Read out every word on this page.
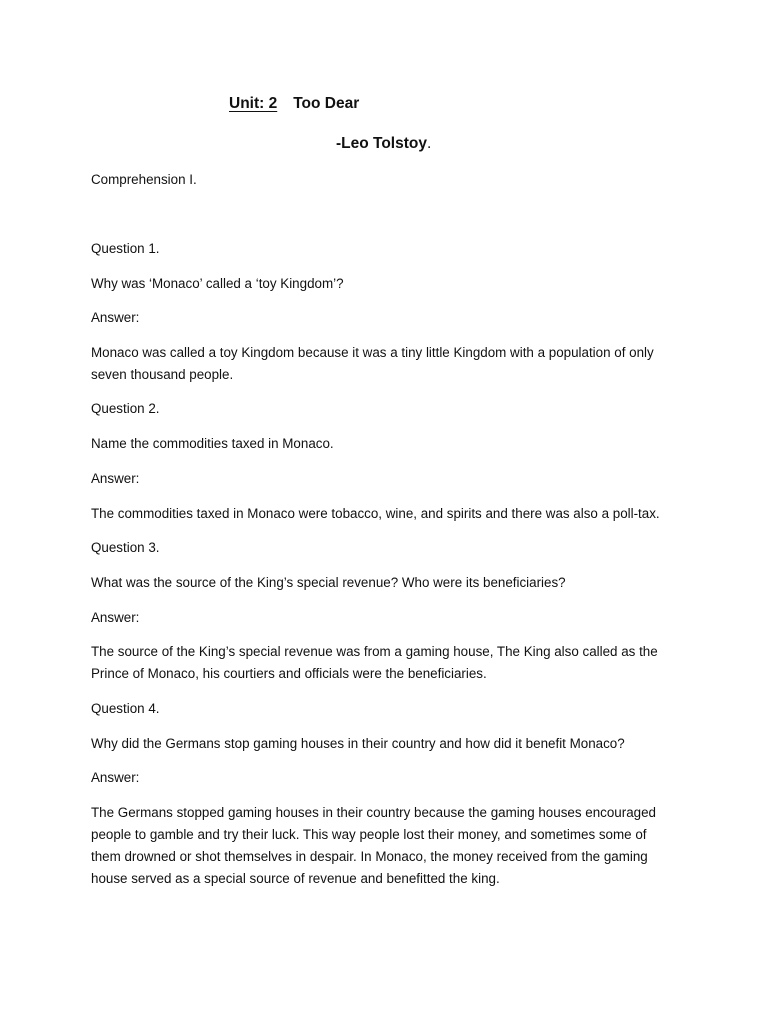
Unit: 2 Too Dear
-Leo Tolstoy.

Comprehension I.

Question 1.

Why was ‘Monaco’ called a ‘toy Kingdom’?

Answer:

Monaco was called a toy Kingdom because it was a tiny little Kingdom with a population of only

seven thousand people.

Question 2.

Name the commodities taxed in Monaco.

Answer:

The commodities taxed in Monaco were tobacco, wine, and spirits and there was also a poll-tax.

Question 3.

What was the source of the King’s special revenue? Who were its beneficiaries?

Answer:

The source of the King’s special revenue was from a gaming house, The King also called as the

Prince of Monaco, his courtiers and officials were the beneficiaries.

Question 4.

Why did the Germans stop gaming houses in their country and how did it benefit Monaco?

Answer:

The Germans stopped gaming houses in their country because the gaming houses encouraged

people to gamble and try their luck. This way people lost their money, and sometimes some of

them drowned or shot themselves in despair. In Monaco, the money received from the gaming

house served as a special source of revenue and benefitted the king.
